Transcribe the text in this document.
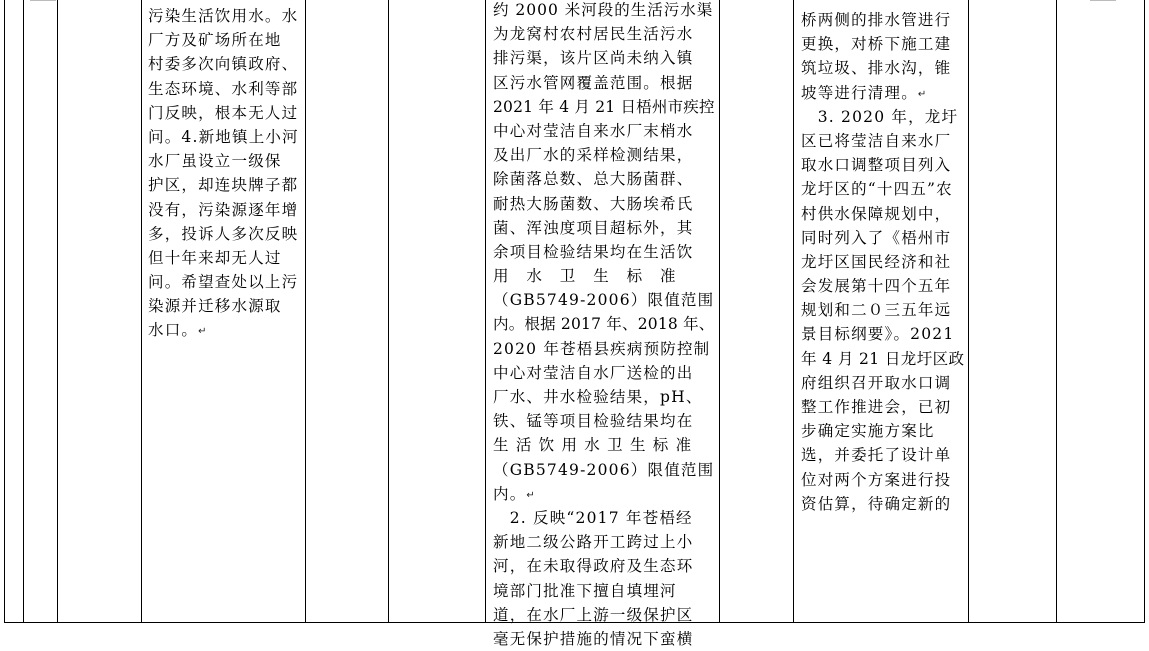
污染生活饮用水。水
厂方及矿场所在地
村委多次向镇政府、
生态环境、水利等部
门反映，根本无人过
问。4.新地镇上小河
水厂虽设立一级保
护区，却连块牌子都
没有，污染源逐年增
多，投诉人多次反映
但十年来却无人过
问。希望查处以上污
染源并迁移水源取
水口。↵
约 2000 米河段的生活污水渠
为龙窝村农村居民生活污水
排污渠，该片区尚未纳入镇
区污水管网覆盖范围。根据
2021 年 4 月 21 日梧州市疾控
中心对莹洁自来水厂末梢水
及出厂水的采样检测结果，
除菌落总数、总大肠菌群、
耐热大肠菌数、大肠埃希氏
菌、浑浊度项目超标外，其
余项目检验结果均在生活饮
用　水　卫　生　标　准
（GB5749-2006）限值范围
内。根据 2017 年、2018 年、
2020 年苍梧县疾病预防控制
中心对莹洁自水厂送检的出
厂水、井水检验结果，pH、
铁、锰等项目检验结果均在
生 活 饮 用 水 卫 生 标 准
（GB5749-2006）限值范围
内。↵
　2. 反映“2017 年苍梧经
新地二级公路开工跨过上小
河，在未取得政府及生态环
境部门批准下擅自填埋河
道，在水厂上游一级保护区
毫无保护措施的情况下蛮横
桥两侧的排水管进行
更换，对桥下施工建
筑垃圾、排水沟，锥
坡等进行清理。↵
　3. 2020 年，龙圩
区已将莹洁自来水厂
取水口调整项目列入
龙圩区的“十四五”农
村供水保障规划中，
同时列入了《梧州市
龙圩区国民经济和社
会发展第十四个五年
规划和二０三五年远
景目标纲要》。2021
年 4 月 21 日龙圩区政
府组织召开取水口调
整工作推进会，已初
步确定实施方案比
选，并委托了设计单
位对两个方案进行投
资估算，待确定新的
